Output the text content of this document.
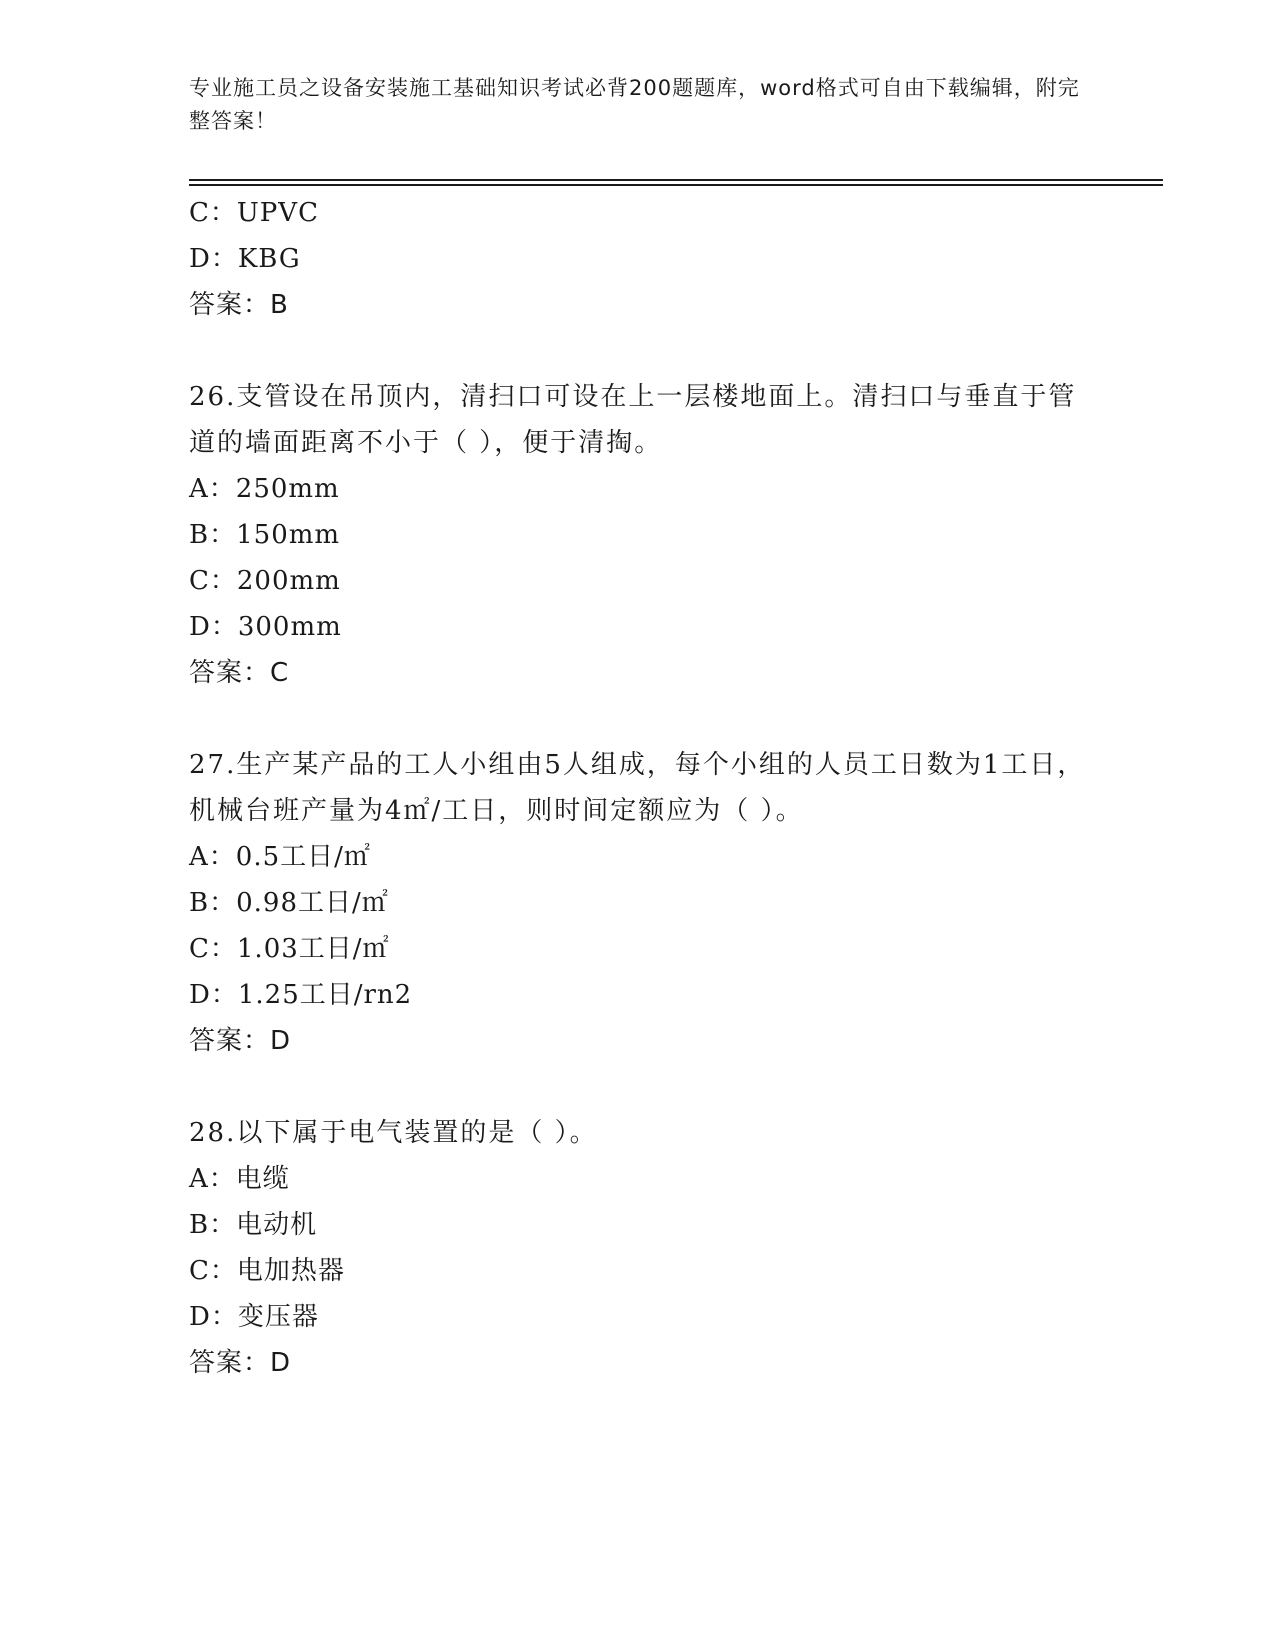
专业施工员之设备安装施工基础知识考试必背200题题库，word格式可自由下载编辑，附完整答案！
C：UPVC
D：KBG
答案：B
26.支管设在吊顶内，清扫口可设在上一层楼地面上。清扫口与垂直于管道的墙面距离不小于（ ），便于清掏。
A：250mm
B：150mm
C：200mm
D：300mm
答案：C
27.生产某产品的工人小组由5人组成，每个小组的人员工日数为1工日，机械台班产量为4㎡/工日，则时间定额应为（ ）。
A：0.5工日/㎡
B：0.98工日/㎡
C：1.03工日/㎡
D：1.25工日/rn2
答案：D
28.以下属于电气装置的是（ ）。
A：电缆
B：电动机
C：电加热器
D：变压器
答案：D
